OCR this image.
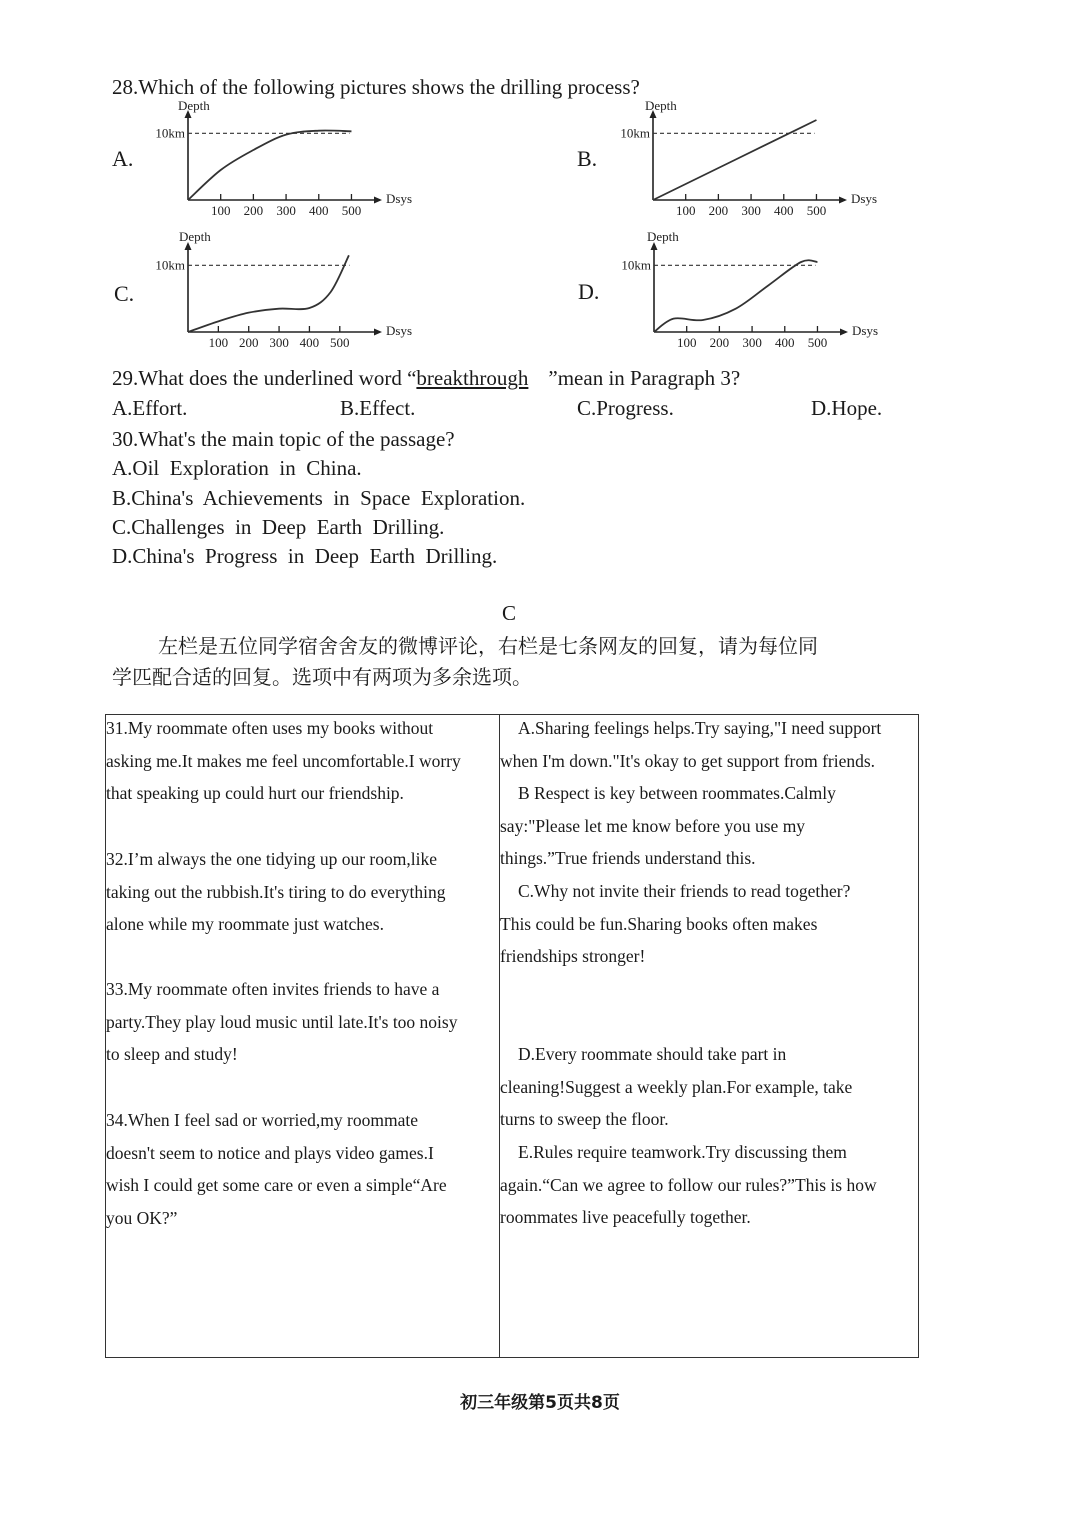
28.Which of the following pictures shows the drilling process?
A.	B.
C.	D.
Depth
Dsys
100 200 300 400 500
10km
Depth
Dsys
100 200 300 400 500
10km
Depth
Dsys
100 200 300 400 500
10km
Depth
Dsys
100 200 300 400 500
10km
29.What does the underlined word “breakthrough ”mean in Paragraph 3?
A.Effort.	B.Effect.	C.Progress.	D.Hope.
30.What's the main topic of the passage?
A.Oil  Exploration  in  China.
B.China's  Achievements  in  Space  Exploration.
C.Challenges  in  Deep  Earth  Drilling.
D.China's  Progress  in  Deep  Earth  Drilling.
C
左栏是五位同学宿舍舍友的微博评论，右栏是七条网友的回复，请为每位同
学匹配合适的回复。选项中有两项为多余选项。

31.My roommate often uses my books without

asking me.It makes me feel uncomfortable.I worry

that speaking up could hurt our friendship.

32.I’m always the one tidying up our room,like

taking out the rubbish.It's tiring to do everything

alone while my roommate just watches.

33.My roommate often invites friends to have a

party.They play loud music until late.It's too noisy

to sleep and study!

34.When I feel sad or worried,my roommate

doesn't seem to notice and plays video games.I

wish I could get some care or even a simple“Are

you OK?”

A.Sharing feelings helps.Try saying,"I need support

when I'm down."It's okay to get support from friends.

B Respect is key between roommates.Calmly

say:"Please let me know before you use my

things.”True friends understand this.

C.Why not invite their friends to read together?

This could be fun.Sharing books often makes

friendships stronger!

D.Every roommate should take part in

cleaning!Suggest a weekly plan.For example, take

turns to sweep the floor.

E.Rules require teamwork.Try discussing them

again.“Can we agree to follow our rules?”This is how

roommates live peacefully together.

初三年级第5页共8页
